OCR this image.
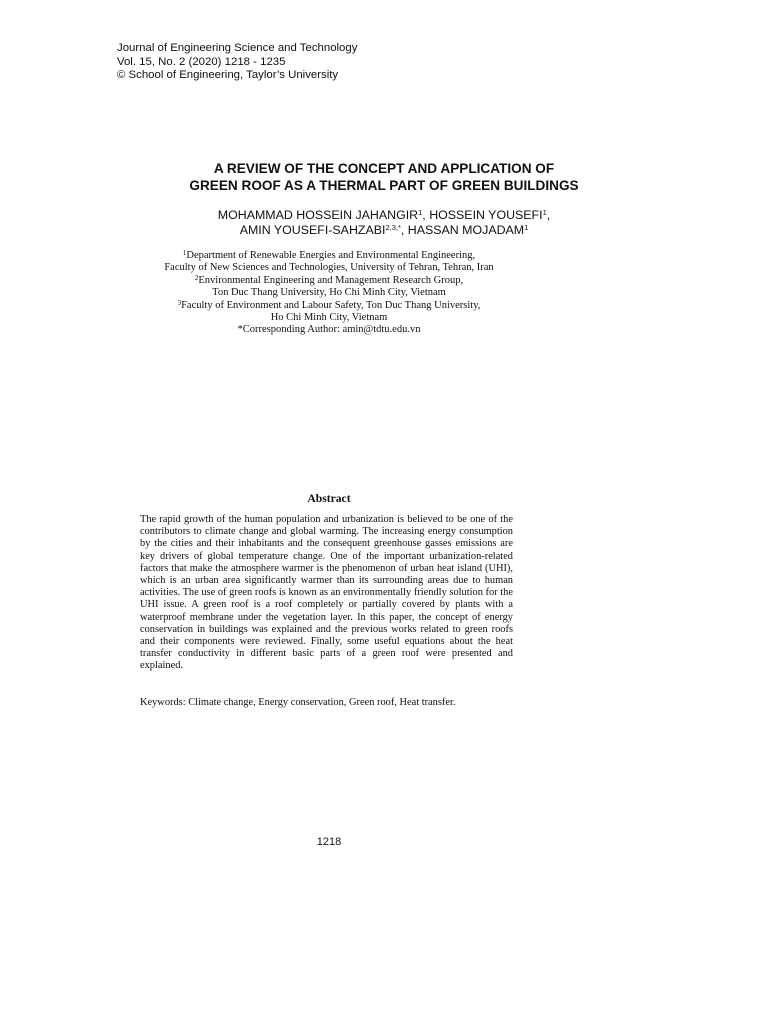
Journal of Engineering Science and Technology
Vol. 15, No. 2 (2020) 1218 - 1235
© School of Engineering, Taylor’s University
A REVIEW OF THE CONCEPT AND APPLICATION OF
GREEN ROOF AS A THERMAL PART OF GREEN BUILDINGS
MOHAMMAD HOSSEIN JAHANGIR$^1$, HOSSEIN YOUSEFI$^1$,
AMIN YOUSEFI-$SAHZABI^{2,3,*}$, HASSAN MOJADAM$^1$
$^1$Department of Renewable Energies and Environmental Engineering,
Faculty of New Sciences and Technologies, University of Tehran, Tehran, Iran
$^2$Environmental Engineering and Management Research Group,
Ton Duc Thang University, Ho Chi Minh City, Vietnam
$^3$Faculty of Environment and Labour Safety, Ton Duc Thang University,
Ho Chi Minh City, Vietnam
*Corresponding Author: amin@tdtu.edu.vn
Abstract
The rapid growth of the human population and urbanization is believed to be one of the contributors to climate change and global warming. The increasing energy consumption by the cities and their inhabitants and the consequent greenhouse gasses emissions are key drivers of global temperature change. One of the important urbanization-related factors that make the atmosphere warmer is the phenomenon of urban heat island (UHI), which is an urban area significantly warmer than its surrounding areas due to human activities. The use of green roofs is known as an environmentally friendly solution for the UHI issue. A green roof is a roof completely or partially covered by plants with a waterproof membrane under the vegetation layer. In this paper, the concept of energy conservation in buildings was explained and the previous works related to green roofs and their components were reviewed. Finally, some useful equations about the heat transfer conductivity in different basic parts of a green roof were presented and explained.
Keywords: Climate change, Energy conservation, Green roof, Heat transfer.
1218
